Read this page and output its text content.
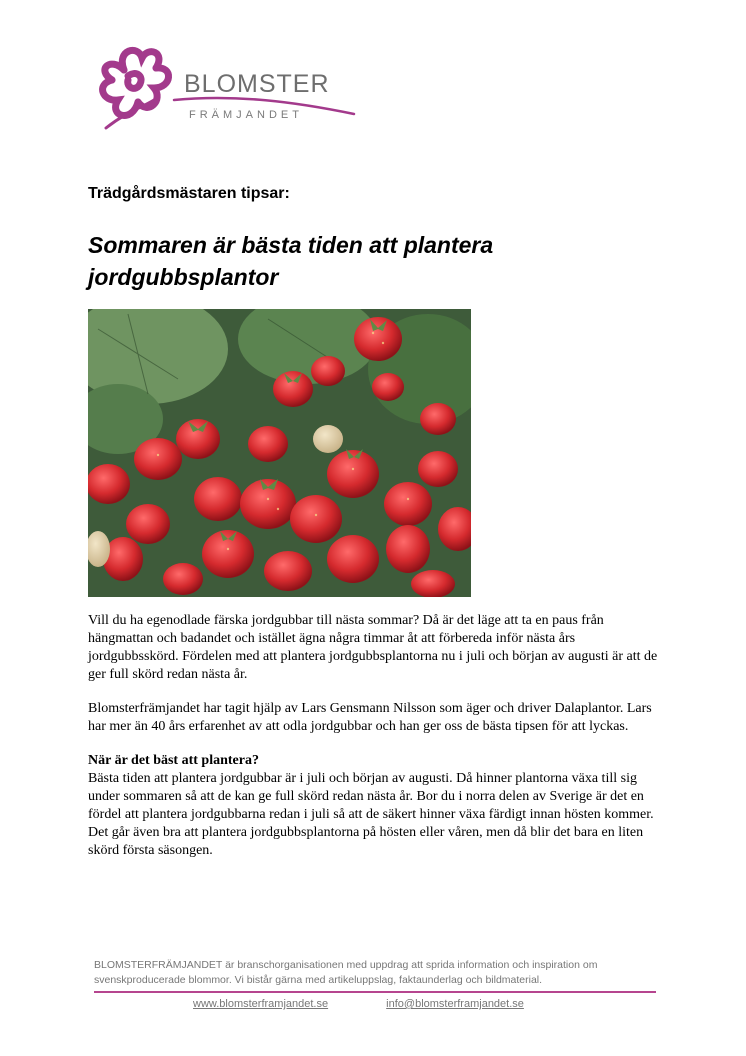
BLOMSTER
FRÄMJANDET
Trädgårdsmästaren tipsar:
Sommaren är bästa tiden att plantera jordgubbsplantor

Vill du ha egenodlade färska jordgubbar till nästa sommar? Då är det läge att ta en paus från hängmattan och badandet och istället ägna några timmar åt att förbereda inför nästa års jordgubbsskörd. Fördelen med att plantera jordgubbsplantorna nu i juli och början av augusti är att de ger full skörd redan nästa år.

Blomsterfrämjandet har tagit hjälp av Lars Gensmann Nilsson som äger och driver Dalaplantor. Lars har mer än 40 års erfarenhet av att odla jordgubbar och han ger oss de bästa tipsen för att lyckas.

När är det bäst att plantera?

Bästa tiden att plantera jordgubbar är i juli och början av augusti. Då hinner plantorna växa till sig under sommaren så att de kan ge full skörd redan nästa år. Bor du i norra delen av Sverige är det en fördel att plantera jordgubbarna redan i juli så att de säkert hinner växa färdigt innan hösten kommer.

Det går även bra att plantera jordgubbsplantorna på hösten eller våren, men då blir det bara en liten skörd första säsongen.

BLOMSTERFRÄMJANDET är branschorganisationen med uppdrag att sprida information och inspiration om svenskproducerade blommor. Vi bistår gärna med artikeluppslag, faktaunderlag och bildmaterial.
www.blomsterframjandet.se	info@blomsterframjandet.se
